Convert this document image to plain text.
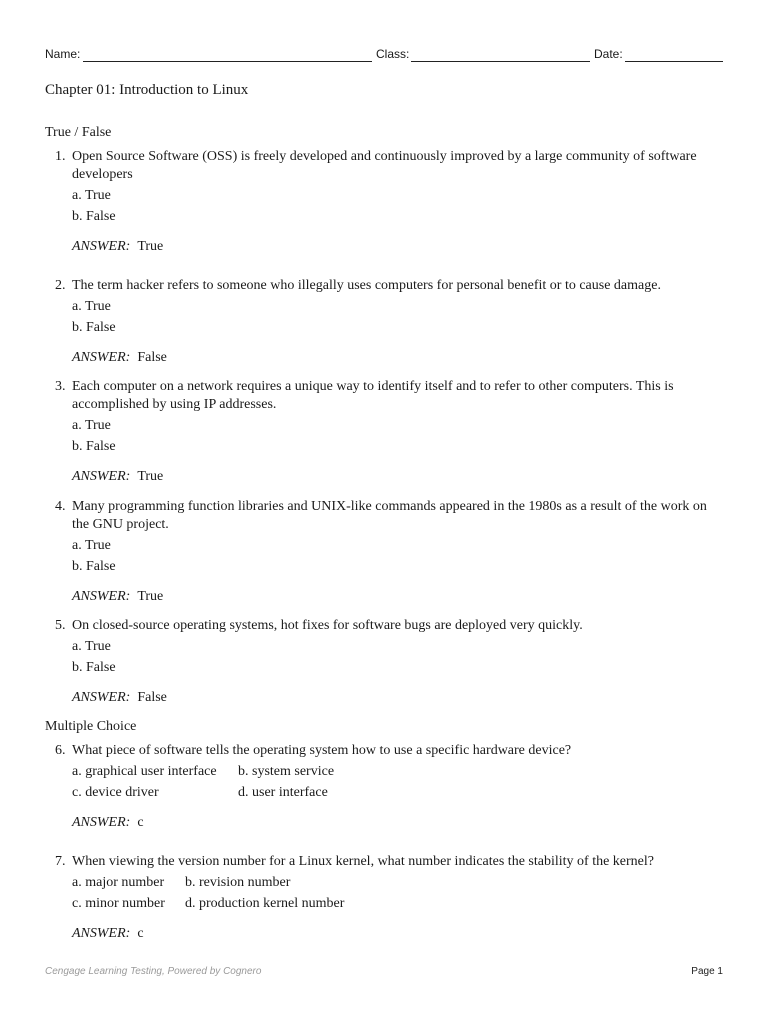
Name:	Class:	Date:
Chapter 01: Introduction to Linux
True / False
1. Open Source Software (OSS) is freely developed and continuously improved by a large community of software developers
a. True
b. False
ANSWER: True
2. The term hacker refers to someone who illegally uses computers for personal benefit or to cause damage.
a. True
b. False
ANSWER: False
3. Each computer on a network requires a unique way to identify itself and to refer to other computers. This is accomplished by using IP addresses.
a. True
b. False
ANSWER: True
4. Many programming function libraries and UNIX-like commands appeared in the 1980s as a result of the work on the GNU project.
a. True
b. False
ANSWER: True
5. On closed-source operating systems, hot fixes for software bugs are deployed very quickly.
a. True
b. False
ANSWER: False
Multiple Choice
6. What piece of software tells the operating system how to use a specific hardware device?
a. graphical user interface	b. system service
c. device driver	d. user interface
ANSWER: c
7. When viewing the version number for a Linux kernel, what number indicates the stability of the kernel?
a. major number	b. revision number
c. minor number	d. production kernel number
ANSWER: c
Cengage Learning Testing, Powered by Cognero	Page 1
